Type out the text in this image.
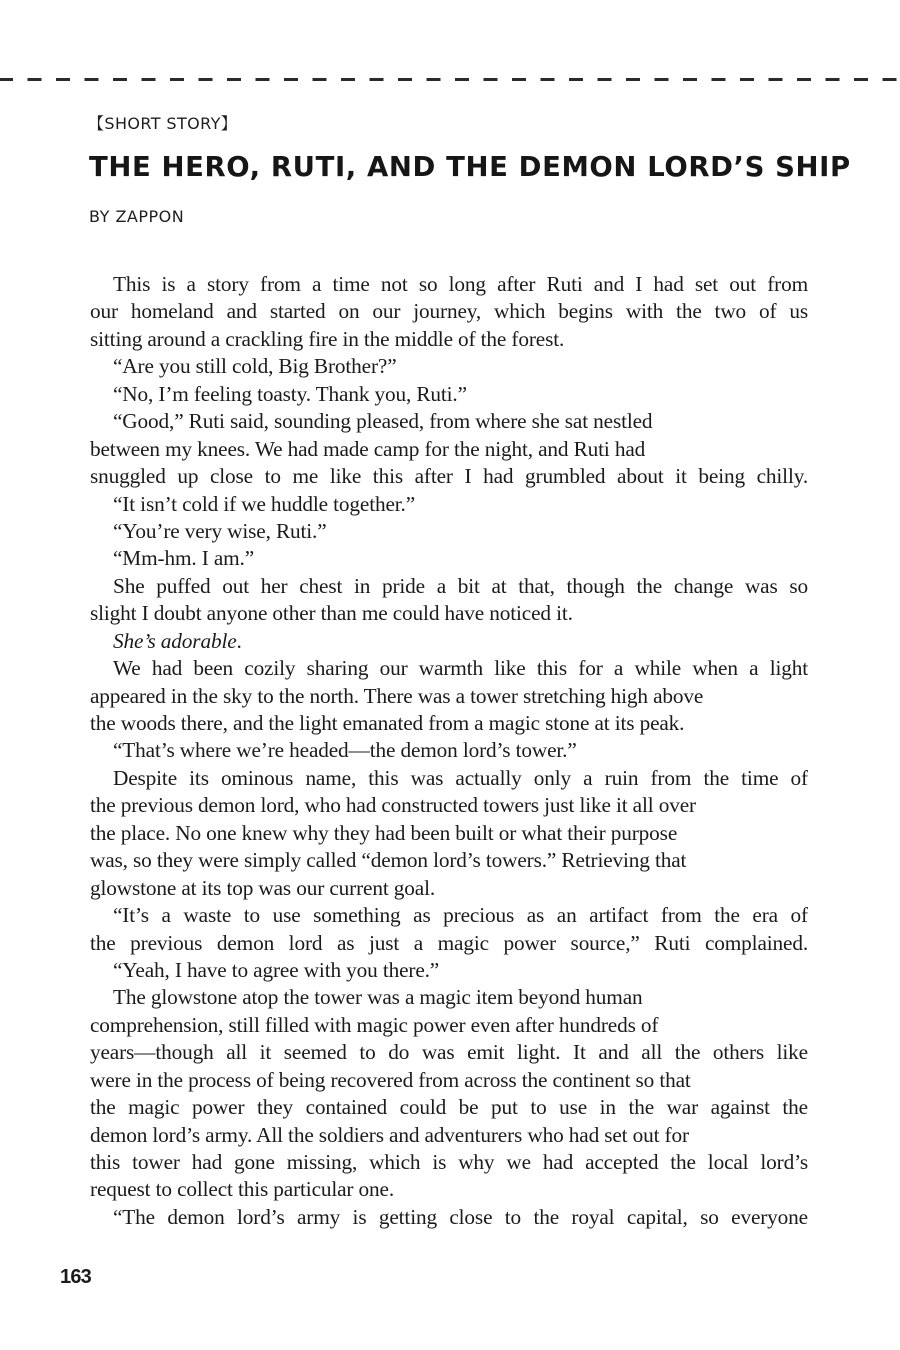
【SHORT STORY】
THE HERO, RUTI, AND THE DEMON LORD’S SHIP
BY ZAPPON
This is a story from a time not so long after Ruti and I had set out from
our homeland and started on our journey, which begins with the two of us
sitting around a crackling fire in the middle of the forest.
“Are you still cold, Big Brother?”
“No, I’m feeling toasty. Thank you, Ruti.”
“Good,” Ruti said, sounding pleased, from where she sat nestled
between my knees. We had made camp for the night, and Ruti had
snuggled up close to me like this after I had grumbled about it being chilly.
“It isn’t cold if we huddle together.”
“You’re very wise, Ruti.”
“Mm-hm. I am.”
She puffed out her chest in pride a bit at that, though the change was so
slight I doubt anyone other than me could have noticed it.
She’s adorable.
We had been cozily sharing our warmth like this for a while when a light
appeared in the sky to the north. There was a tower stretching high above
the woods there, and the light emanated from a magic stone at its peak.
“That’s where we’re headed—the demon lord’s tower.”
Despite its ominous name, this was actually only a ruin from the time of
the previous demon lord, who had constructed towers just like it all over
the place. No one knew why they had been built or what their purpose
was, so they were simply called “demon lord’s towers.” Retrieving that
glowstone at its top was our current goal.
“It’s a waste to use something as precious as an artifact from the era of
the previous demon lord as just a magic power source,” Ruti complained.
“Yeah, I have to agree with you there.”
The glowstone atop the tower was a magic item beyond human
comprehension, still filled with magic power even after hundreds of
years—though all it seemed to do was emit light. It and all the others like
were in the process of being recovered from across the continent so that
the magic power they contained could be put to use in the war against the
demon lord’s army. All the soldiers and adventurers who had set out for
this tower had gone missing, which is why we had accepted the local lord’s
request to collect this particular one.
“The demon lord’s army is getting close to the royal capital, so everyone
163
